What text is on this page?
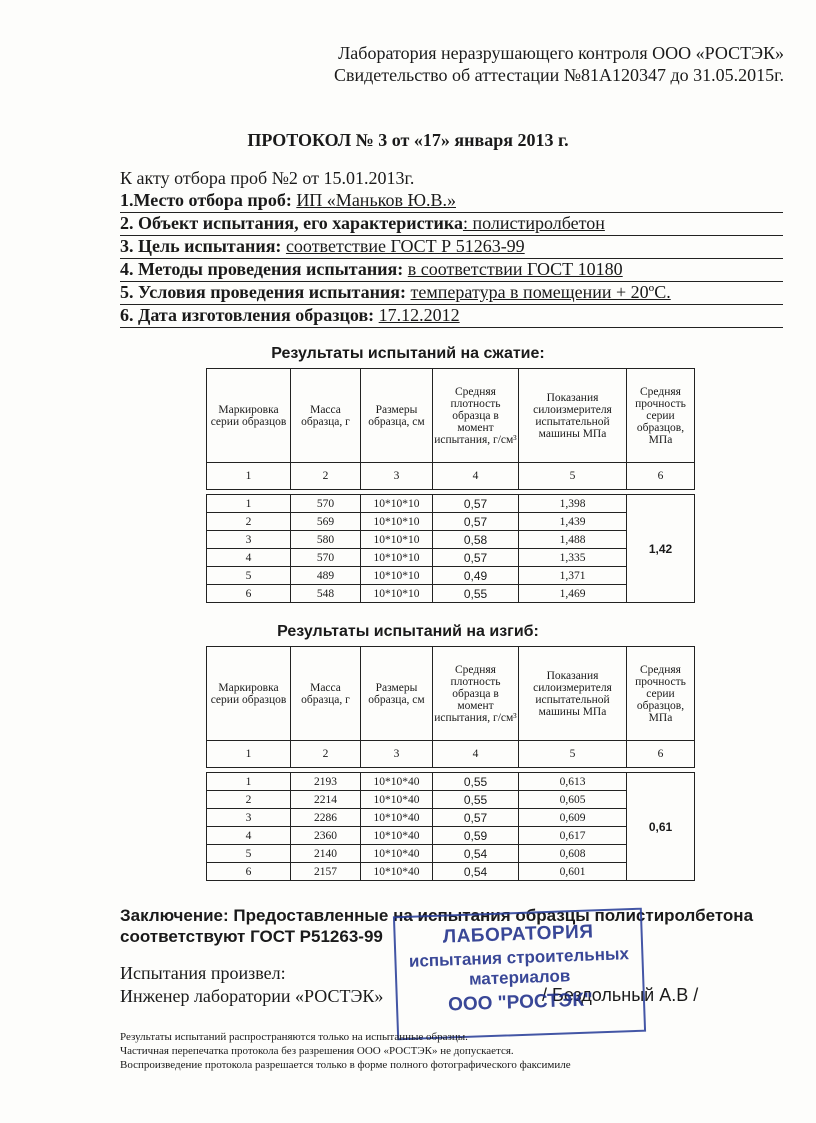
Лаборатория неразрушающего контроля ООО «РОСТЭК»
Свидетельство об аттестации №81А120347 до 31.05.2015г.
ПРОТОКОЛ № 3 от «17» января 2013 г.
К акту отбора проб №2 от 15.01.2013г.
1.Место отбора проб: ИП «Маньков Ю.В.»
2. Объект испытания, его характеристика: полистиролбетон
3. Цель испытания: соответствие ГОСТ Р 51263-99
4. Методы проведения испытания: в соответствии ГОСТ 10180
5. Условия проведения испытания: температура в помещении + 20ºС.
6. Дата изготовления образцов: 17.12.2012
Результаты испытаний на сжатие:
Маркировка серии образцов	Масса образца, г	Размеры образца, см	Средняя плотность образца в момент испытания, г/см³	Показания силоизмерителя испытательной машины МПа	Средняя прочность серии образцов, МПа
1	2	3	4	5	6

1	570	10*10*10	0,57	1,398	1,42
2	569	10*10*10	0,57	1,439	
3	580	10*10*10	0,58	1,488	
4	570	10*10*10	0,57	1,335	
5	489	10*10*10	0,49	1,371	
6	548	10*10*10	0,55	1,469	
Результаты испытаний на изгиб:
Маркировка серии образцов	Масса образца, г	Размеры образца, см	Средняя плотность образца в момент испытания, г/см³	Показания силоизмерителя испытательной машины МПа	Средняя прочность серии образцов, МПа
1	2	3	4	5	6

1	2193	10*10*40	0,55	0,613	0,61
2	2214	10*10*40	0,55	0,605	
3	2286	10*10*40	0,57	0,609	
4	2360	10*10*40	0,59	0,617	
5	2140	10*10*40	0,54	0,608	
6	2157	10*10*40	0,54	0,601	
Заключение: Предоставленные на испытания образцы полистиролбетона
соответствуют ГОСТ Р51263-99
Испытания произвел:
Инженер лаборатории «РОСТЭК»	/ Бездольный А.В /
ЛАБОРАТОРИЯ
испытания строительных
материалов
ООО "РОСТЭК"
Результаты испытаний распространяются только на испытанные образцы.
Частичная перепечатка протокола без разрешения ООО «РОСТЭК» не допускается.
Воспроизведение протокола разрешается только в форме полного фотографического факсимиле
